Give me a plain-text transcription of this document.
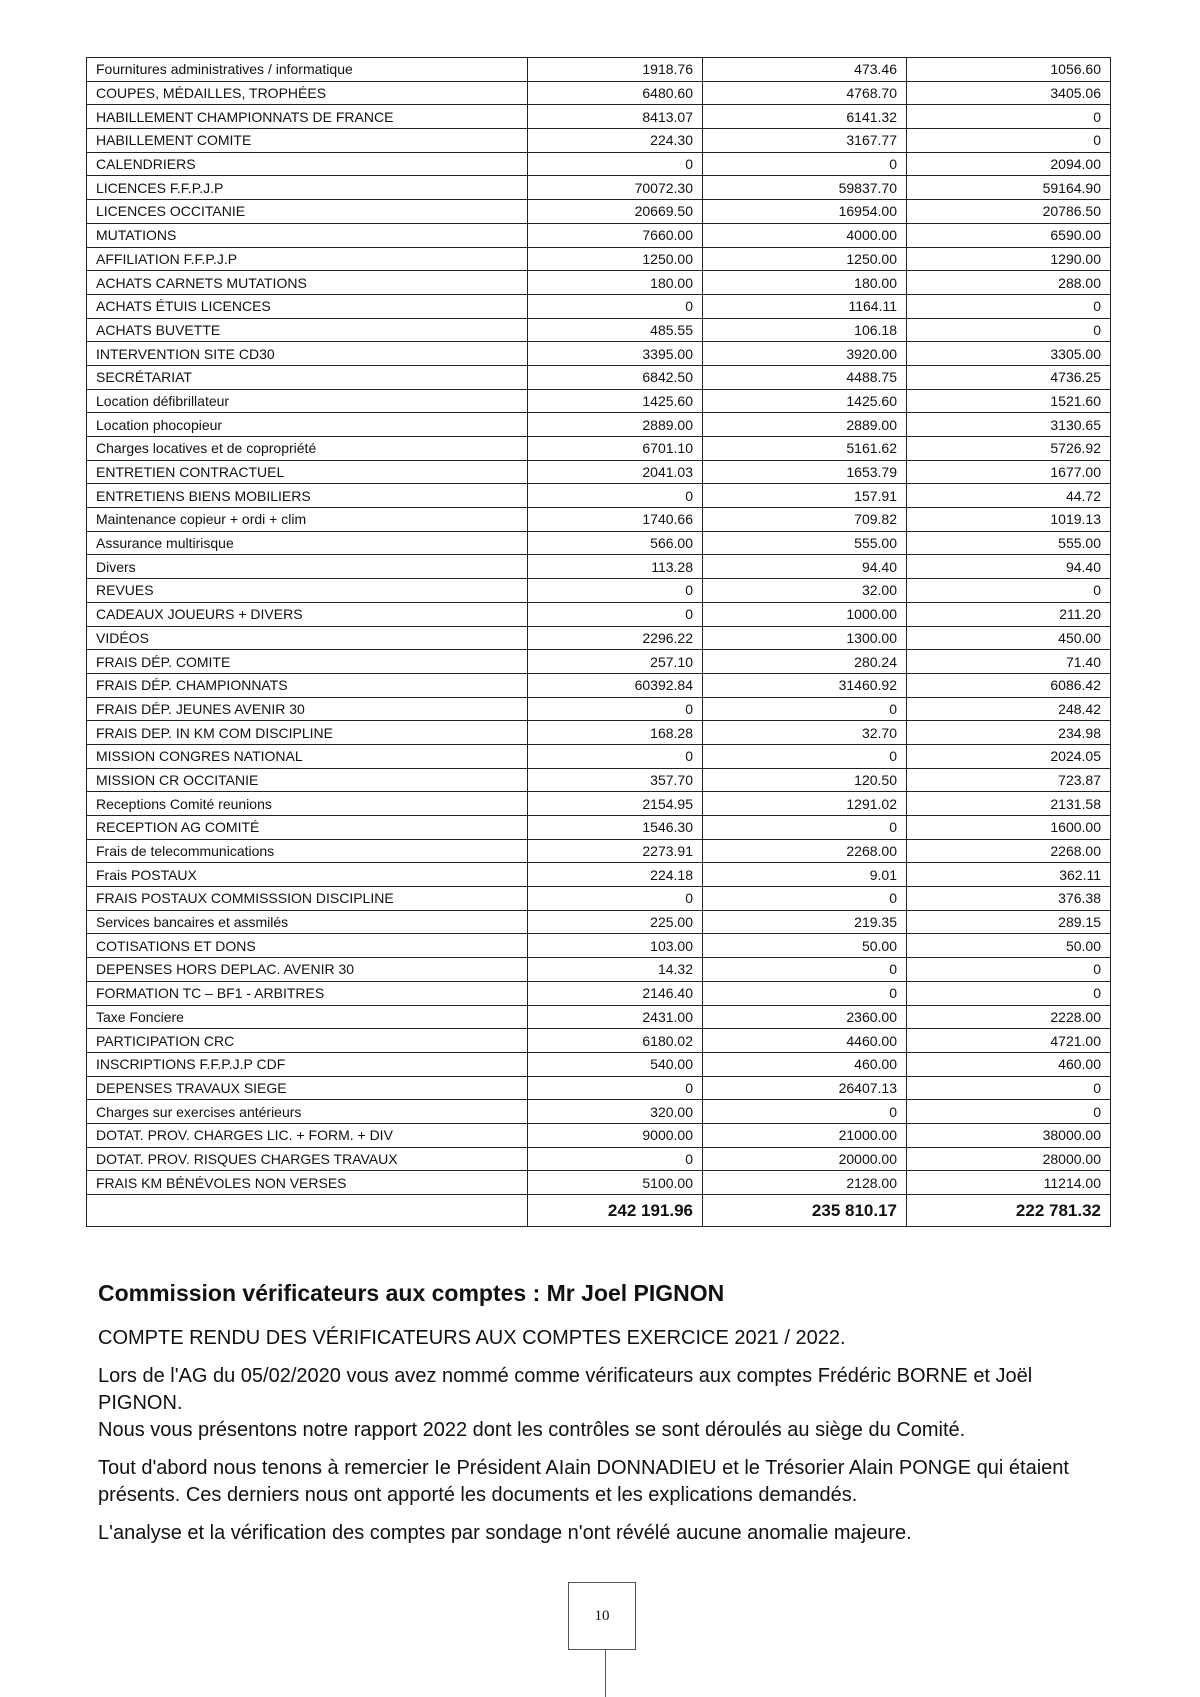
Fournitures administratives / informatique	1918.76	473.46	1056.60
COUPES, MÉDAILLES, TROPHÉES	6480.60	4768.70	3405.06
HABILLEMENT CHAMPIONNATS DE FRANCE	8413.07	6141.32	0
HABILLEMENT COMITE	224.30	3167.77	0
CALENDRIERS	0	0	2094.00
LICENCES F.F.P.J.P	70072.30	59837.70	59164.90
LICENCES OCCITANIE	20669.50	16954.00	20786.50
MUTATIONS	7660.00	4000.00	6590.00
AFFILIATION F.F.P.J.P	1250.00	1250.00	1290.00
ACHATS CARNETS MUTATIONS	180.00	180.00	288.00
ACHATS ÉTUIS LICENCES	0	1164.11	0
ACHATS BUVETTE	485.55	106.18	0
INTERVENTION SITE CD30	3395.00	3920.00	3305.00
SECRÉTARIAT	6842.50	4488.75	4736.25
Location défibrillateur	1425.60	1425.60	1521.60
Location phocopieur	2889.00	2889.00	3130.65
Charges locatives et de copropriété	6701.10	5161.62	5726.92
ENTRETIEN CONTRACTUEL	2041.03	1653.79	1677.00
ENTRETIENS BIENS MOBILIERS	0	157.91	44.72
Maintenance copieur + ordi + clim	1740.66	709.82	1019.13
Assurance multirisque	566.00	555.00	555.00
Divers	113.28	94.40	94.40
REVUES	0	32.00	0
CADEAUX JOUEURS + DIVERS	0	1000.00	211.20
VIDÉOS	2296.22	1300.00	450.00
FRAIS DÉP. COMITE	257.10	280.24	71.40
FRAIS DÉP. CHAMPIONNATS	60392.84	31460.92	6086.42
FRAIS DÉP. JEUNES AVENIR 30	0	0	248.42
FRAIS DEP. IN KM COM DISCIPLINE	168.28	32.70	234.98
MISSION CONGRES NATIONAL	0	0	2024.05
MISSION CR OCCITANIE	357.70	120.50	723.87
Receptions Comité reunions	2154.95	1291.02	2131.58
RECEPTION AG COMITÉ	1546.30	0	1600.00
Frais de telecommunications	2273.91	2268.00	2268.00
Frais POSTAUX	224.18	9.01	362.11
FRAIS POSTAUX COMMISSSION DISCIPLINE	0	0	376.38
Services bancaires et assmilés	225.00	219.35	289.15
COTISATIONS ET DONS	103.00	50.00	50.00
DEPENSES HORS DEPLAC. AVENIR 30	14.32	0	0
FORMATION TC – BF1 - ARBITRES	2146.40	0	0
Taxe Fonciere	2431.00	2360.00	2228.00
PARTICIPATION CRC	6180.02	4460.00	4721.00
INSCRIPTIONS F.F.P.J.P CDF	540.00	460.00	460.00
DEPENSES TRAVAUX SIEGE	0	26407.13	0
Charges sur exercises antérieurs	320.00	0	0
DOTAT. PROV. CHARGES LIC. + FORM. + DIV	9000.00	21000.00	38000.00
DOTAT. PROV. RISQUES CHARGES TRAVAUX	0	20000.00	28000.00
FRAIS KM BÉNÉVOLES NON VERSES	5100.00	2128.00	11214.00
	242 191.96	235 810.17	222 781.32
Commission vérificateurs aux comptes : Mr Joel PIGNON

COMPTE RENDU DES VÉRIFICATEURS AUX COMPTES EXERCICE 2021 / 2022.

Lors de l'AG du 05/02/2020 vous avez nommé comme vérificateurs aux comptes Frédéric BORNE et Joël PIGNON.

Nous vous présentons notre rapport 2022 dont les contrôles se sont déroulés au siège du Comité.

Tout d'abord nous tenons à remercier Ie Président AIain DONNADIEU et le Trésorier Alain PONGE qui étaient présents. Ces derniers nous ont apporté les documents et les explications demandés.

L'analyse et la vérification des comptes par sondage n'ont révélé aucune anomalie majeure.

10
